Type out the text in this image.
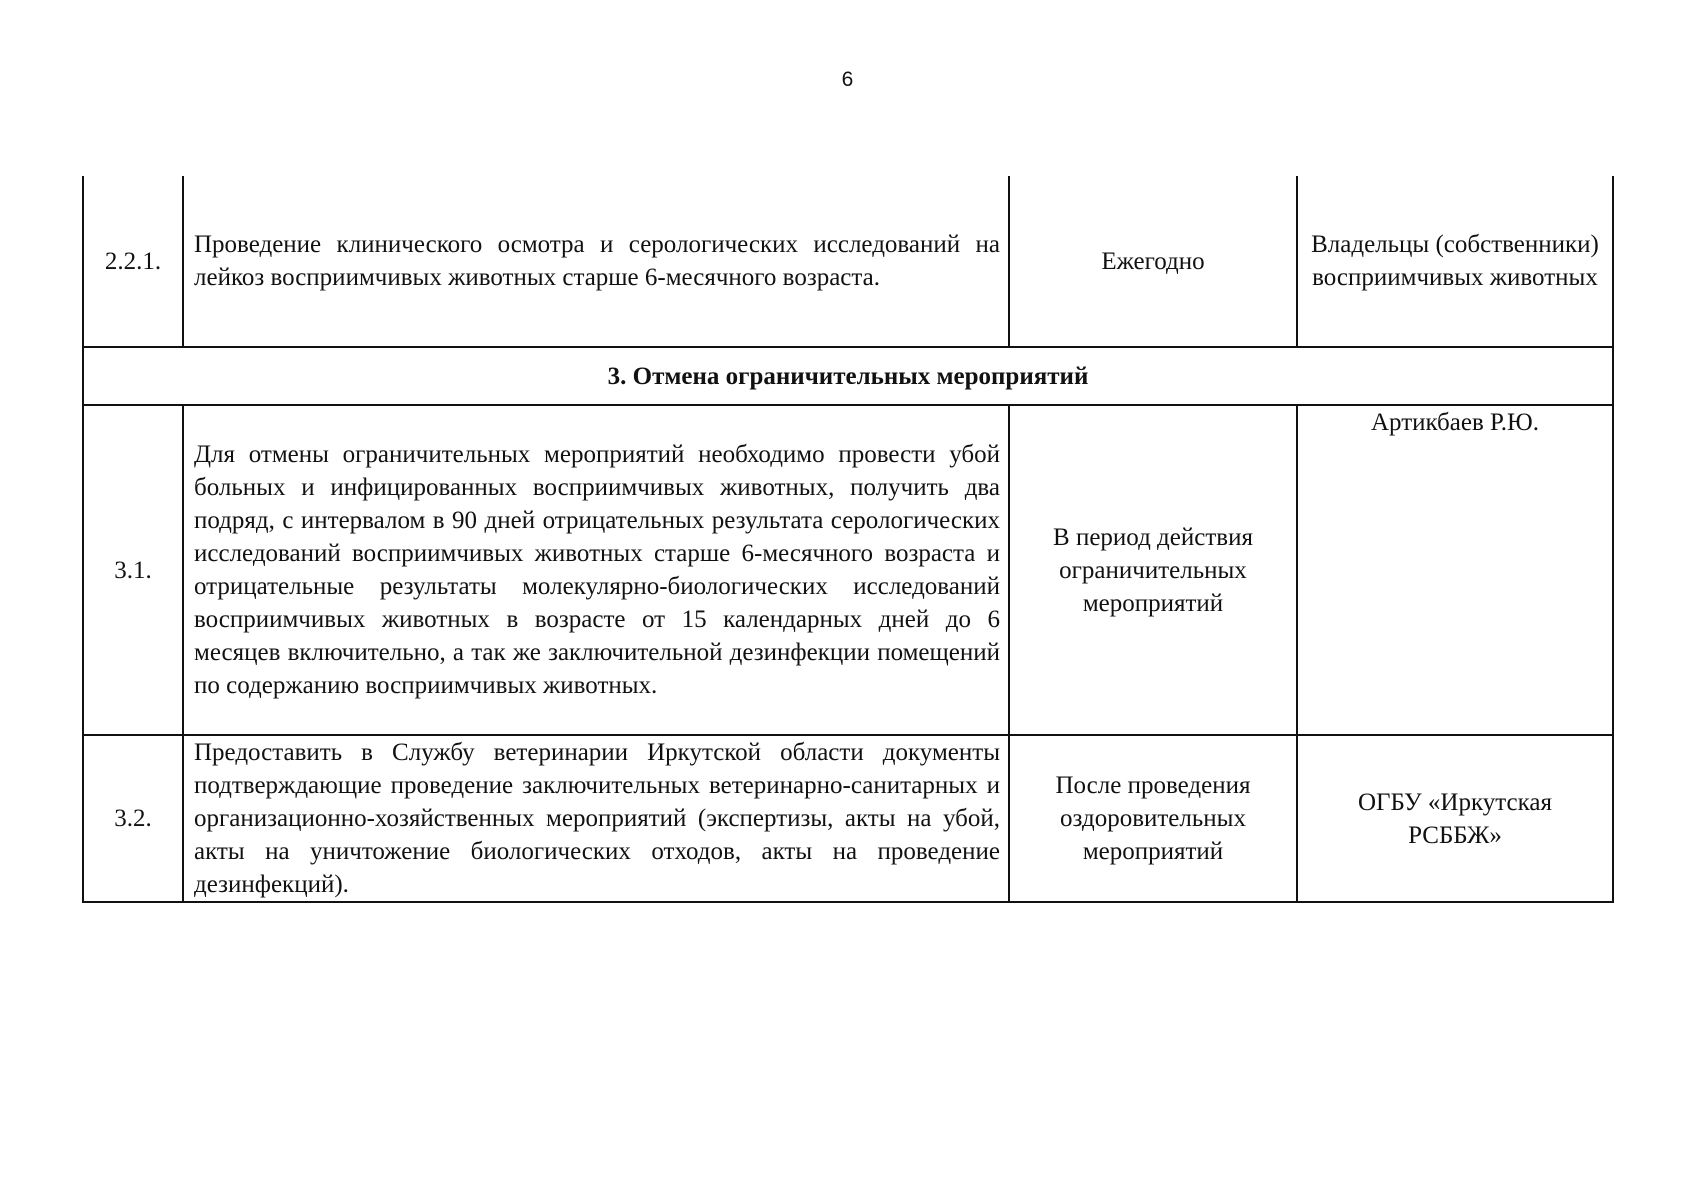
6
2.2.1.	Проведение клинического осмотра и серологических исследований на лейкоз восприимчивых животных старше 6-месячного возраста.	Ежегодно	Владельцы (собственники) восприимчивых животных

3. Отмена ограничительных мероприятий			

3.1.	Для отмены ограничительных мероприятий необходимо провести убой больных и инфицированных восприимчивых животных, получить два подряд, с интервалом в 90 дней отрицательных результата серологических исследований восприимчивых животных старше 6-месячного возраста и отрицательные результаты молекулярно-биологических исследований восприимчивых животных в возрасте от 15 календарных дней до 6 месяцев включительно, а так же заключительной дезинфекции помещений по содержанию восприимчивых животных.	В период действия ограничительных мероприятий	Артикбаев Р.Ю.

3.2.	Предоставить в Службу ветеринарии Иркутской области документы подтверждающие проведение заключительных ветеринарно-санитарных и организационно-хозяйственных мероприятий (экспертизы, акты на убой, акты на уничтожение биологических отходов, акты на проведение дезинфекций).	После проведения оздоровительных мероприятий	ОГБУ «Иркутская РСББЖ»
